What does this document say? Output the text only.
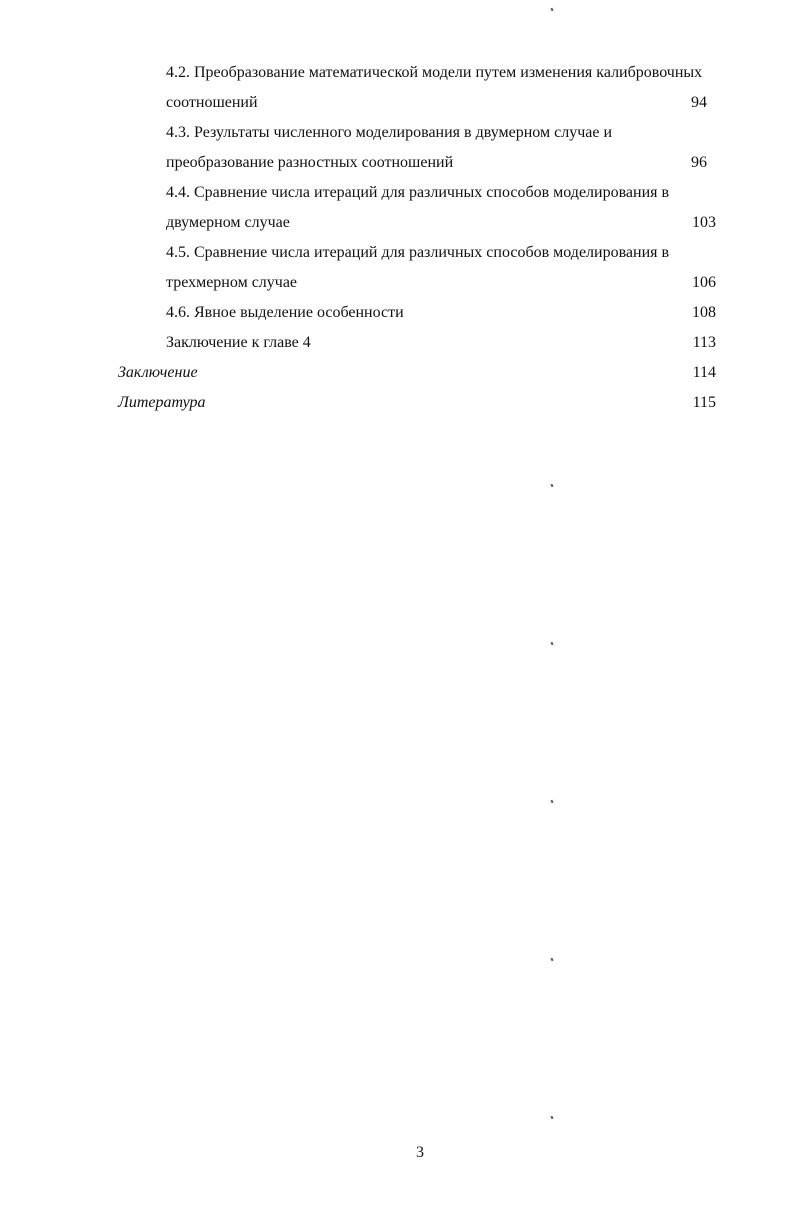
4.2. Преобразование математической модели путем изменения калибровочных
соотношений	94
4.3. Результаты численного моделирования в двумерном случае и
преобразование разностных соотношений	96
4.4. Сравнение числа итераций для различных способов моделирования в
двумерном случае	103
4.5. Сравнение числа итераций для различных способов моделирования в
трехмерном случае	106
4.6. Явное выделение особенности	108
Заключение к главе 4	113
Заключение	114
Литература	115
3
